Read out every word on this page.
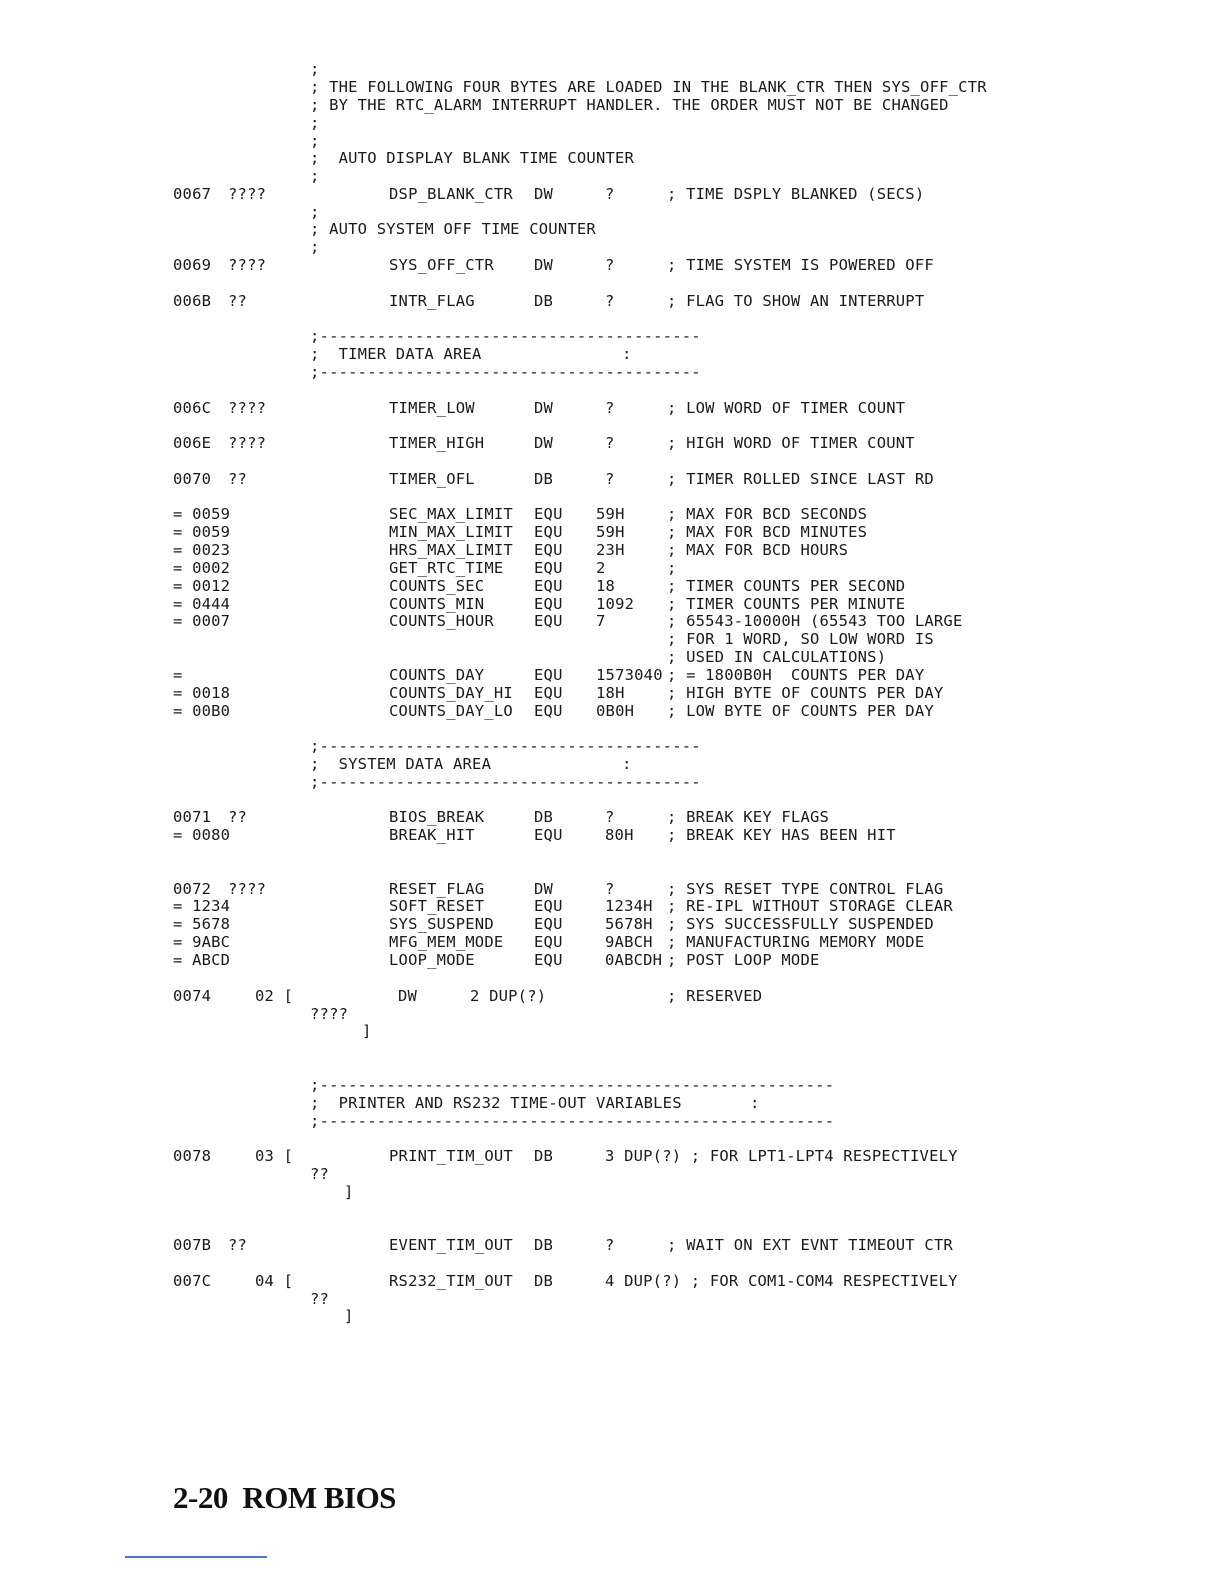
;
; THE FOLLOWING FOUR BYTES ARE LOADED IN THE BLANK_CTR THEN SYS_OFF_CTR
; BY THE RTC_ALARM INTERRUPT HANDLER. THE ORDER MUST NOT BE CHANGED
;
;
;  AUTO DISPLAY BLANK TIME COUNTER
;
0067 ????	DSP_BLANK_CTR DW	?	; TIME DSPLY BLANKED (SECS)
;
; AUTO SYSTEM OFF TIME COUNTER
;
0069 ????	SYS_OFF_CTR	DW	?	; TIME SYSTEM IS POWERED OFF
006B ??	INTR_FLAG	DB	?	; FLAG TO SHOW AN INTERRUPT
;----------------------------------------
;  TIMER DATA AREA	:
;----------------------------------------
006C ????	TIMER_LOW	DW	?	; LOW WORD OF TIMER COUNT
006E ????	TIMER_HIGH	DW	?	; HIGH WORD OF TIMER COUNT
0070 ??	TIMER_OFL	DB	?	; TIMER ROLLED SINCE LAST RD
= 0059	SEC_MAX_LIMIT EQU 59H	; MAX FOR BCD SECONDS
= 0059	MIN_MAX_LIMIT EQU 59H	; MAX FOR BCD MINUTES
= 0023	HRS_MAX_LIMIT EQU 23H	; MAX FOR BCD HOURS
= 0002	GET_RTC_TIME EQU 2	;
= 0012	COUNTS_SEC	EQU 18	; TIMER COUNTS PER SECOND
= 0444	COUNTS_MIN	EQU 1092 ; TIMER COUNTS PER MINUTE
= 0007	COUNTS_HOUR	EQU 7	; 65543-10000H (65543 TOO LARGE
; FOR 1 WORD, SO LOW WORD IS
; USED IN CALCULATIONS)
=	COUNTS_DAY	EQU 1573040 ; = 1800B0H  COUNTS PER DAY
= 0018	COUNTS_DAY_HI EQU 18H	; HIGH BYTE OF COUNTS PER DAY
= 00B0	COUNTS_DAY_LO EQU 0B0H ; LOW BYTE OF COUNTS PER DAY
;----------------------------------------
;  SYSTEM DATA AREA	:
;----------------------------------------
0071 ??	BIOS_BREAK	DB	?	; BREAK KEY FLAGS
= 0080	BREAK_HIT	EQU	80H ; BREAK KEY HAS BEEN HIT
0072 ????	RESET_FLAG	DW	?	; SYS RESET TYPE CONTROL FLAG
= 1234	SOFT_RESET	EQU	1234H ; RE-IPL WITHOUT STORAGE CLEAR
= 5678	SYS_SUSPEND	EQU	5678H ; SYS SUCCESSFULLY SUSPENDED
= 9ABC	MFG_MEM_MODE EQU	9ABCH ; MANUFACTURING MEMORY MODE
= ABCD	LOOP_MODE	EQU	0ABCDH ; POST LOOP MODE
0074	02 [	DW	2 DUP(?)	; RESERVED
????
]
;------------------------------------------------------
;  PRINTER AND RS232 TIME-OUT VARIABLES	:
;------------------------------------------------------
0078	03 [	PRINT_TIM_OUT DB	3 DUP(?) ; FOR LPT1-LPT4 RESPECTIVELY
??
]
007B ??	EVENT_TIM_OUT DB	?	; WAIT ON EXT EVNT TIMEOUT CTR
007C	04 [	RS232_TIM_OUT DB	4 DUP(?) ; FOR COM1-COM4 RESPECTIVELY
??
]
2-20  ROM BIOS
